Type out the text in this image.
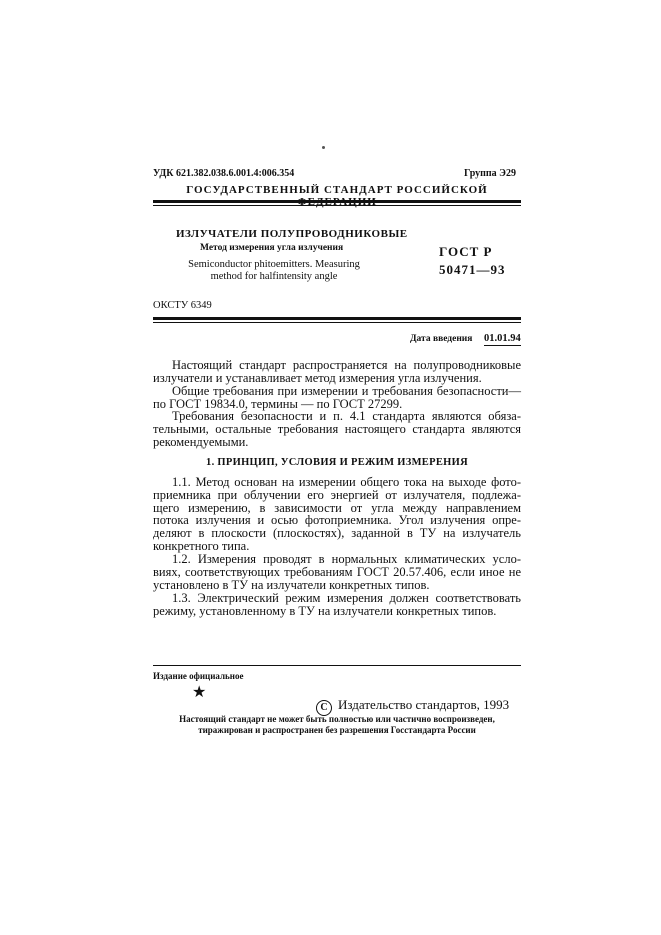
УДК 621.382.038.6.001.4:006.354	Группа Э29
ГОСУДАРСТВЕННЫЙ СТАНДАРТ РОССИЙСКОЙ
ИЗЛУЧАТЕЛИ ПОЛУПРОВОДНИКОВЫЕ
Метод измерения угла излучения
Semiconductor phitoemitters. Measuring
method for halfintensity angle
ГОСТ Р
50471—93
ОКСТУ 6349
Дата введения 01.01.94
Настоящий стандарт распространяется на полупроводниковые
излучатели и устанавливает метод измерения угла излучения.
Общие требования при измерении и требования безопасности—
по ГОСТ 19834.0, термины — по ГОСТ 27299.
Требования безопасности и п. 4.1 стандарта являются обяза-
тельными, остальные требования настоящего стандарта являются
рекомендуемыми.
1. ПРИНЦИП, УСЛОВИЯ И РЕЖИМ ИЗМЕРЕНИЯ
1.1. Метод основан на измерении общего тока на выходе фото-
приемника при облучении его энергией от излучателя, подлежа-
щего измерению, в зависимости от угла между направлением
потока излучения и осью фотоприемника. Угол излучения опре-
деляют в плоскости (плоскостях), заданной в ТУ на излучатель
конкретного типа.
1.2. Измерения проводят в нормальных климатических усло-
виях, соответствующих требованиям ГОСТ 20.57.406, если иное не
установлено в ТУ на излучатели конкретных типов.
1.3. Электрический режим измерения должен соответствовать
режиму, установленному в ТУ на излучатели конкретных типов.
Издание официальное
★
C Издательство стандартов, 1993
Настоящий стандарт не может быть полностью или частично воспроизведен,
тиражирован и распространен без разрешения Госстандарта России
